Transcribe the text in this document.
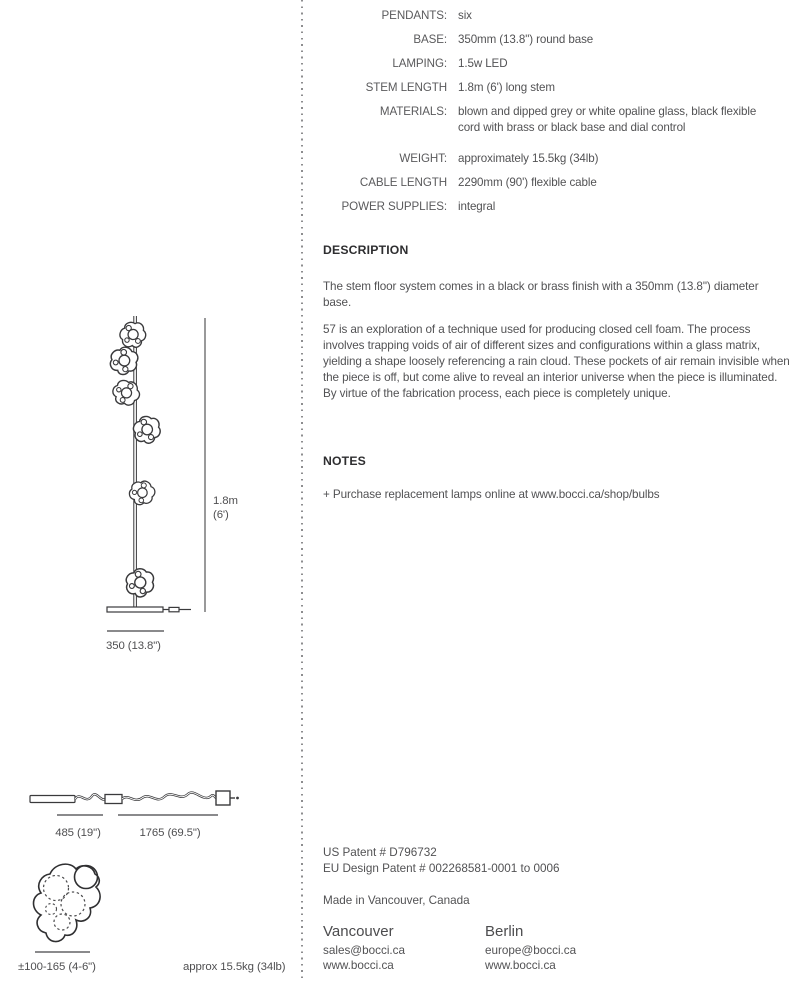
1.8m
(6')
350 (13.8")
485 (19")	1765 (69.5")
±100-165 (4-6")	approx 15.5kg (34lb)
PENDANTS: six
BASE: 350mm (13.8") round base
LAMPING: 1.5w LED
STEM LENGTH 1.8m (6') long stem
MATERIALS: blown and dipped grey or white opaline glass, black flexible cord with brass or black base and dial control
WEIGHT: approximately 15.5kg (34lb)
CABLE LENGTH 2290mm (90') flexible cable
POWER SUPPLIES: integral
DESCRIPTION

The stem floor system comes in a black or brass finish with a 350mm (13.8") diameter base.

57 is an exploration of a technique used for producing closed cell foam. The process involves trapping voids of air of different sizes and configurations within a glass matrix, yielding a shape loosely referencing a rain cloud. These pockets of air remain invisible when the piece is off, but come alive to reveal an interior universe when the piece is illuminated. By virtue of the fabrication process, each piece is completely unique.

NOTES

+ Purchase replacement lamps online at www.bocci.ca/shop/bulbs

US Patent # D796732
EU Design Patent # 002268581-0001 to 0006
Made in Vancouver, Canada
Vancouver
sales@bocci.ca
www.bocci.ca
Berlin
europe@bocci.ca
www.bocci.ca
